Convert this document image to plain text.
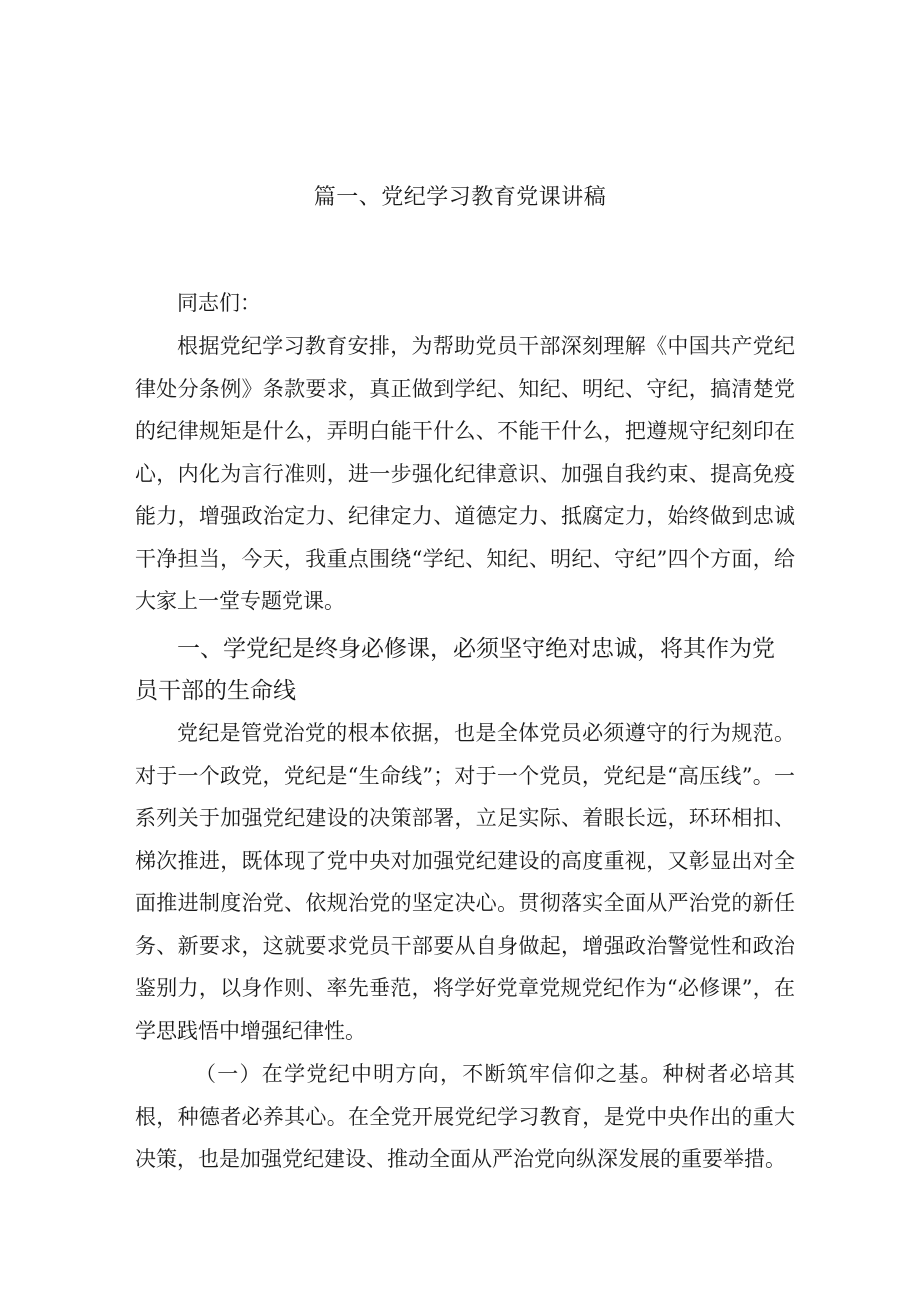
篇一、党纪学习教育党课讲稿

同志们：

根据党纪学习教育安排，为帮助党员干部深刻理解《中国共产党纪律处分条例》条款要求，真正做到学纪、知纪、明纪、守纪，搞清楚党的纪律规矩是什么，弄明白能干什么、不能干什么，把遵规守纪刻印在心，内化为言行准则，进一步强化纪律意识、加强自我约束、提高免疫能力，增强政治定力、纪律定力、道德定力、抵腐定力，始终做到忠诚干净担当，今天，我重点围绕“学纪、知纪、明纪、守纪”四个方面，给大家上一堂专题党课。

一、学党纪是终身必修课，必须坚守绝对忠诚，将其作为党员干部的生命线

党纪是管党治党的根本依据，也是全体党员必须遵守的行为规范。对于一个政党，党纪是“生命线”；对于一个党员，党纪是“高压线”。一系列关于加强党纪建设的决策部署，立足实际、着眼长远，环环相扣、梯次推进，既体现了党中央对加强党纪建设的高度重视，又彰显出对全面推进制度治党、依规治党的坚定决心。贯彻落实全面从严治党的新任务、新要求，这就要求党员干部要从自身做起，增强政治警觉性和政治鉴别力，以身作则、率先垂范，将学好党章党规党纪作为“必修课”，在学思践悟中增强纪律性。

（一）在学党纪中明方向，不断筑牢信仰之基。种树者必培其根，种德者必养其心。在全党开展党纪学习教育，是党中央作出的重大决策，也是加强党纪建设、推动全面从严治党向纵深发展的重要举措。
